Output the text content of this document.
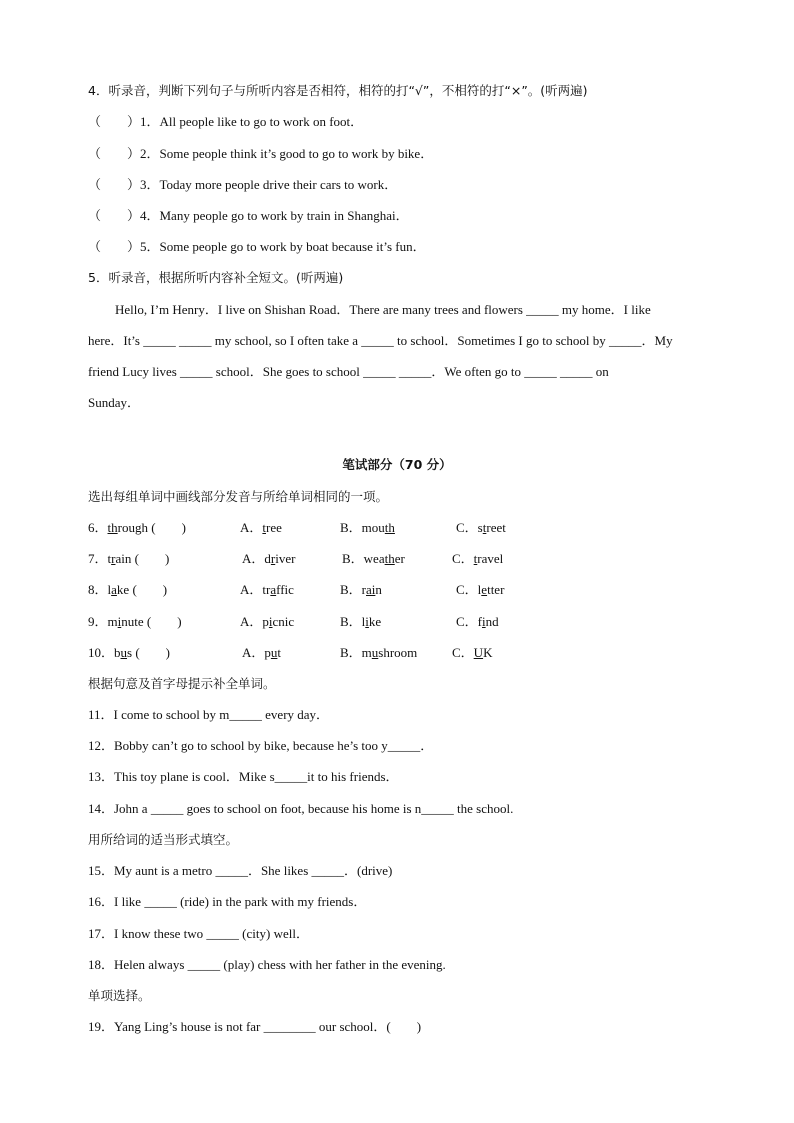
4．听录音，判断下列句子与所听内容是否相符，相符的打“√”，不相符的打“×”。(听两遍)
（　　）1．All people like to go to work on foot．
（　　）2．Some people think it’s good to go to work by bike．
（　　）3．Today more people drive their cars to work．
（　　）4．Many people go to work by train in Shanghai．
（　　）5．Some people go to work by boat because it’s fun．
5．听录音，根据所听内容补全短文。(听两遍)
Hello, I’m Henry．I live on Shishan Road．There are many trees and flowers _____ my home．I like
here．It’s _____ _____ my school, so I often take a _____ to school．Sometimes I go to school by _____．My
friend Lucy lives _____ school．She goes to school _____ _____．We often go to _____ _____ on
Sunday．
笔试部分（70 分）
选出每组单词中画线部分发音与所给单词相同的一项。
6．through (　　)	A．tree	B．mouth	C．street
7．train (　　)	A．driver	B．weather	C．travel
8．lake (　　)	A．traffic	B．rain	C．letter
9．minute (　　)	A．picnic	B．like	C．find
10．bus (　　)	A．put	B．mushroom	C．UK
根据句意及首字母提示补全单词。
11．I come to school by m_____ every day．
12．Bobby can’t go to school by bike, because he’s too y_____．
13．This toy plane is cool．Mike s_____it to his friends．
14．John a _____ goes to school on foot, because his home is n_____ the school.
用所给词的适当形式填空。
15．My aunt is a metro _____．She likes _____．(drive)
16．I like _____ (ride) in the park with my friends．
17．I know these two _____ (city) well．
18．Helen always _____ (play) chess with her father in the evening.
单项选择。
19．Yang Ling’s house is not far ________ our school．(　　)
